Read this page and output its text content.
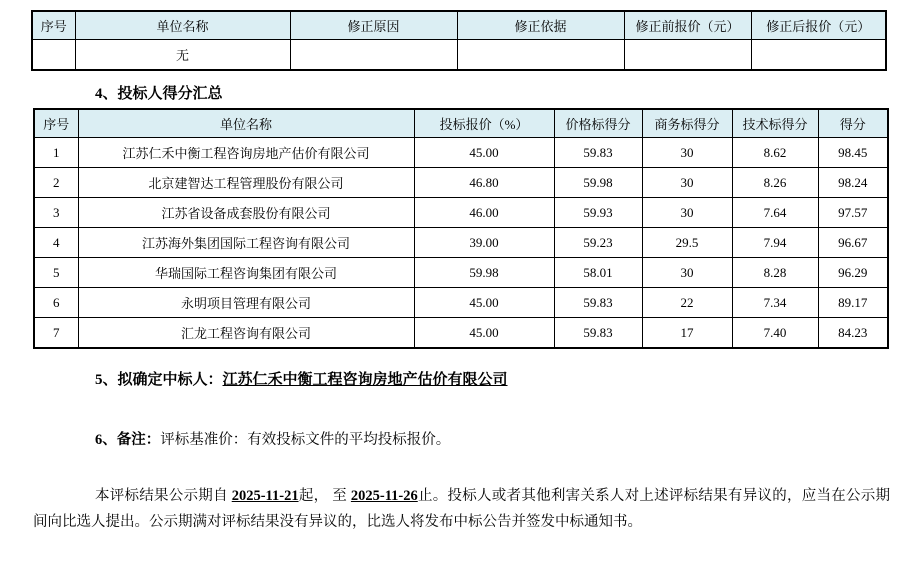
序号	单位名称	修正原因	修正依据	修正前报价（元）	修正后报价（元）
	无				
4、投标人得分汇总
序号	单位名称	投标报价（%）	价格标得分	商务标得分	技术标得分	得分
1	江苏仁禾中衡工程咨询房地产估价有限公司	45.00	59.83	30	8.62	98.45
2	北京建智达工程管理股份有限公司	46.80	59.98	30	8.26	98.24
3	江苏省设备成套股份有限公司	46.00	59.93	30	7.64	97.57
4	江苏海外集团国际工程咨询有限公司	39.00	59.23	29.5	7.94	96.67
5	华瑞国际工程咨询集团有限公司	59.98	58.01	30	8.28	96.29
6	永明项目管理有限公司	45.00	59.83	22	7.34	89.17
7	汇龙工程咨询有限公司	45.00	59.83	17	7.40	84.23
5、拟确定中标人：江苏仁禾中衡工程咨询房地产估价有限公司
6、备注：评标基准价：有效投标文件的平均投标报价。
本评标结果公示期自 2025-11-21起， 至 2025-11-26止。投标人或者其他利害关系人对上述评标结果有异议的，应当在公示期间向比选人提出。公示期满对评标结果没有异议的，比选人将发布中标公告并签发中标通知书。
